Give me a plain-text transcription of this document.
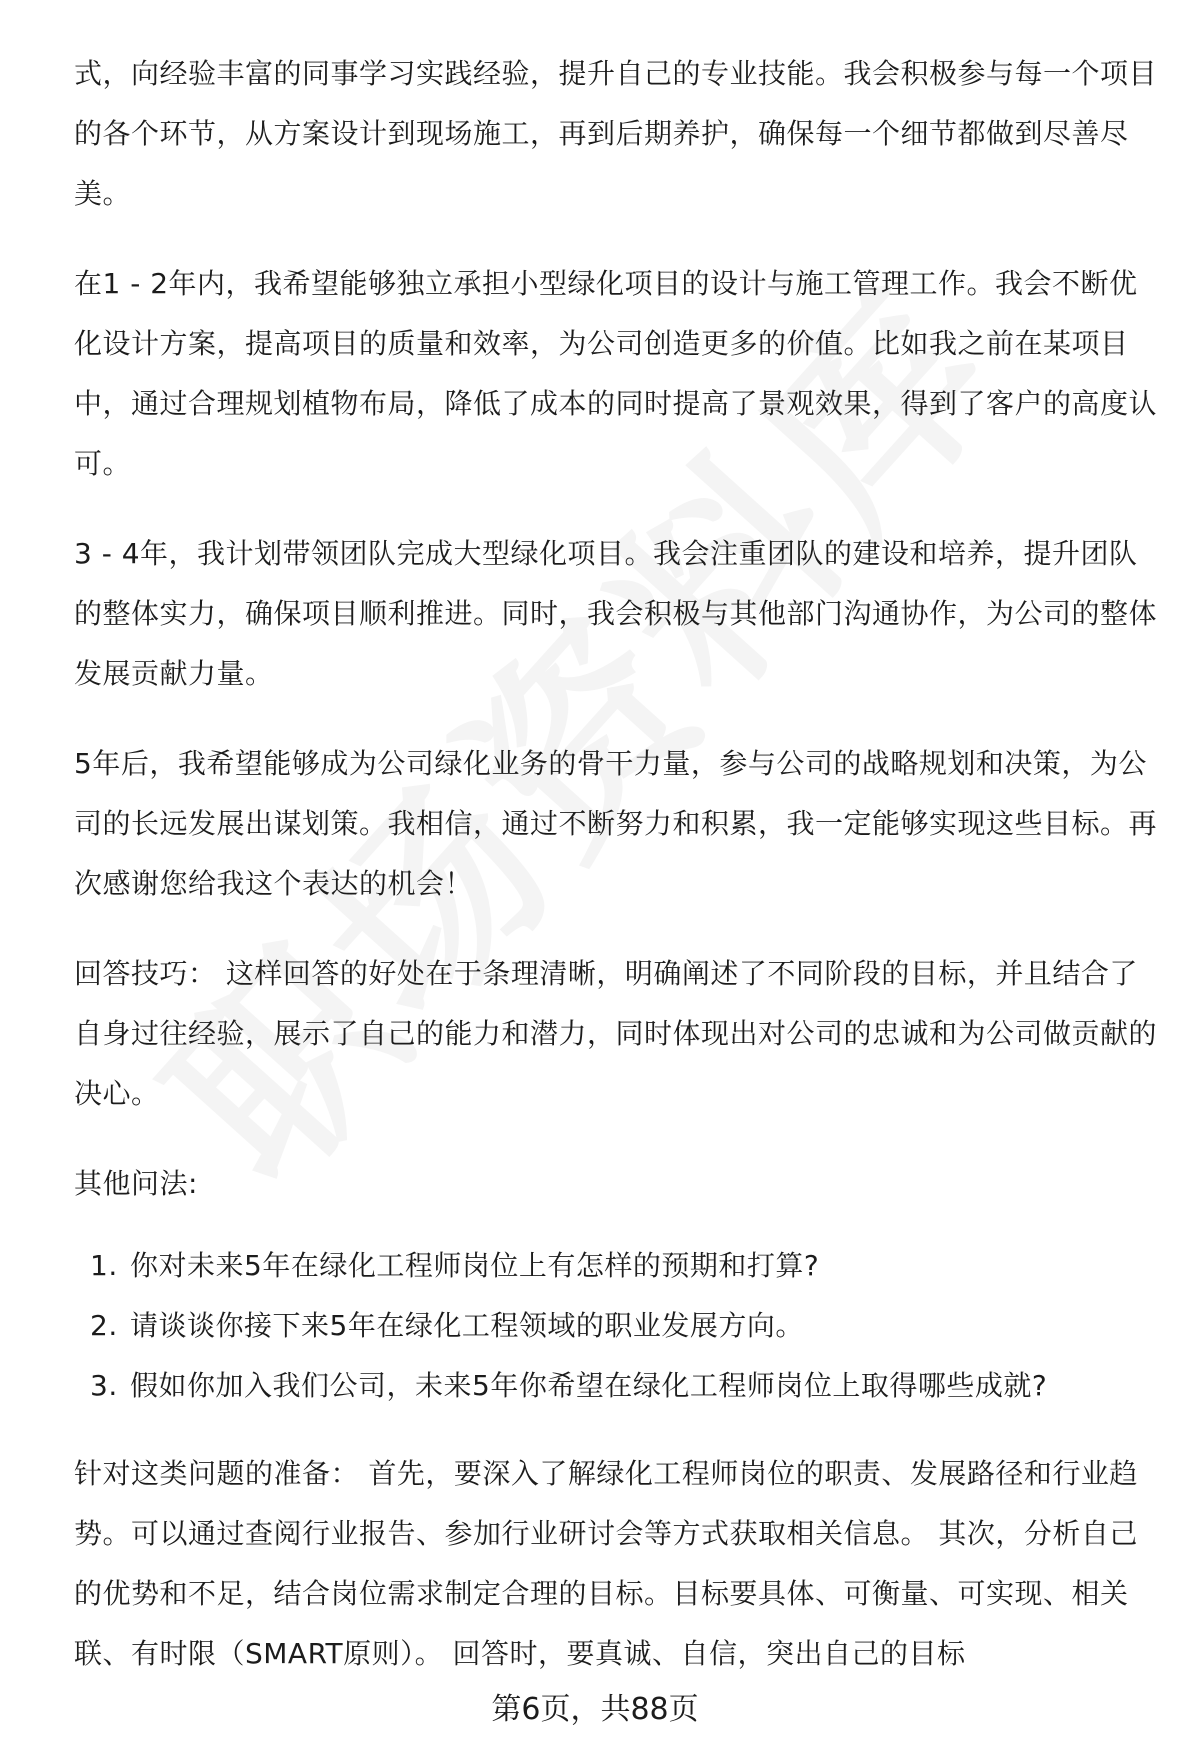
式，向经验丰富的同事学习实践经验，提升自己的专业技能。我会积极参与每一个项目的各个环节，从方案设计到现场施工，再到后期养护，确保每一个细节都做到尽善尽美。

在1 - 2年内，我希望能够独立承担小型绿化项目的设计与施工管理工作。我会不断优化设计方案，提高项目的质量和效率，为公司创造更多的价值。比如我之前在某项目中，通过合理规划植物布局，降低了成本的同时提高了景观效果，得到了客户的高度认可。

3 - 4年，我计划带领团队完成大型绿化项目。我会注重团队的建设和培养，提升团队的整体实力，确保项目顺利推进。同时，我会积极与其他部门沟通协作，为公司的整体发展贡献力量。

5年后，我希望能够成为公司绿化业务的骨干力量，参与公司的战略规划和决策，为公司的长远发展出谋划策。我相信，通过不断努力和积累，我一定能够实现这些目标。再次感谢您给我这个表达的机会！

回答技巧： 这样回答的好处在于条理清晰，明确阐述了不同阶段的目标，并且结合了自身过往经验，展示了自己的能力和潜力，同时体现出对公司的忠诚和为公司做贡献的决心。

其他问法:

1. 你对未来5年在绿化工程师岗位上有怎样的预期和打算?
2. 请谈谈你接下来5年在绿化工程领域的职业发展方向。
3. 假如你加入我们公司，未来5年你希望在绿化工程师岗位上取得哪些成就?

针对这类问题的准备： 首先，要深入了解绿化工程师岗位的职责、发展路径和行业趋势。可以通过查阅行业报告、参加行业研讨会等方式获取相关信息。 其次，分析自己的优势和不足，结合岗位需求制定合理的目标。目标要具体、可衡量、可实现、相关联、有时限（SMART原则）。 回答时，要真诚、自信，突出自己的目标

第6页，共88页
